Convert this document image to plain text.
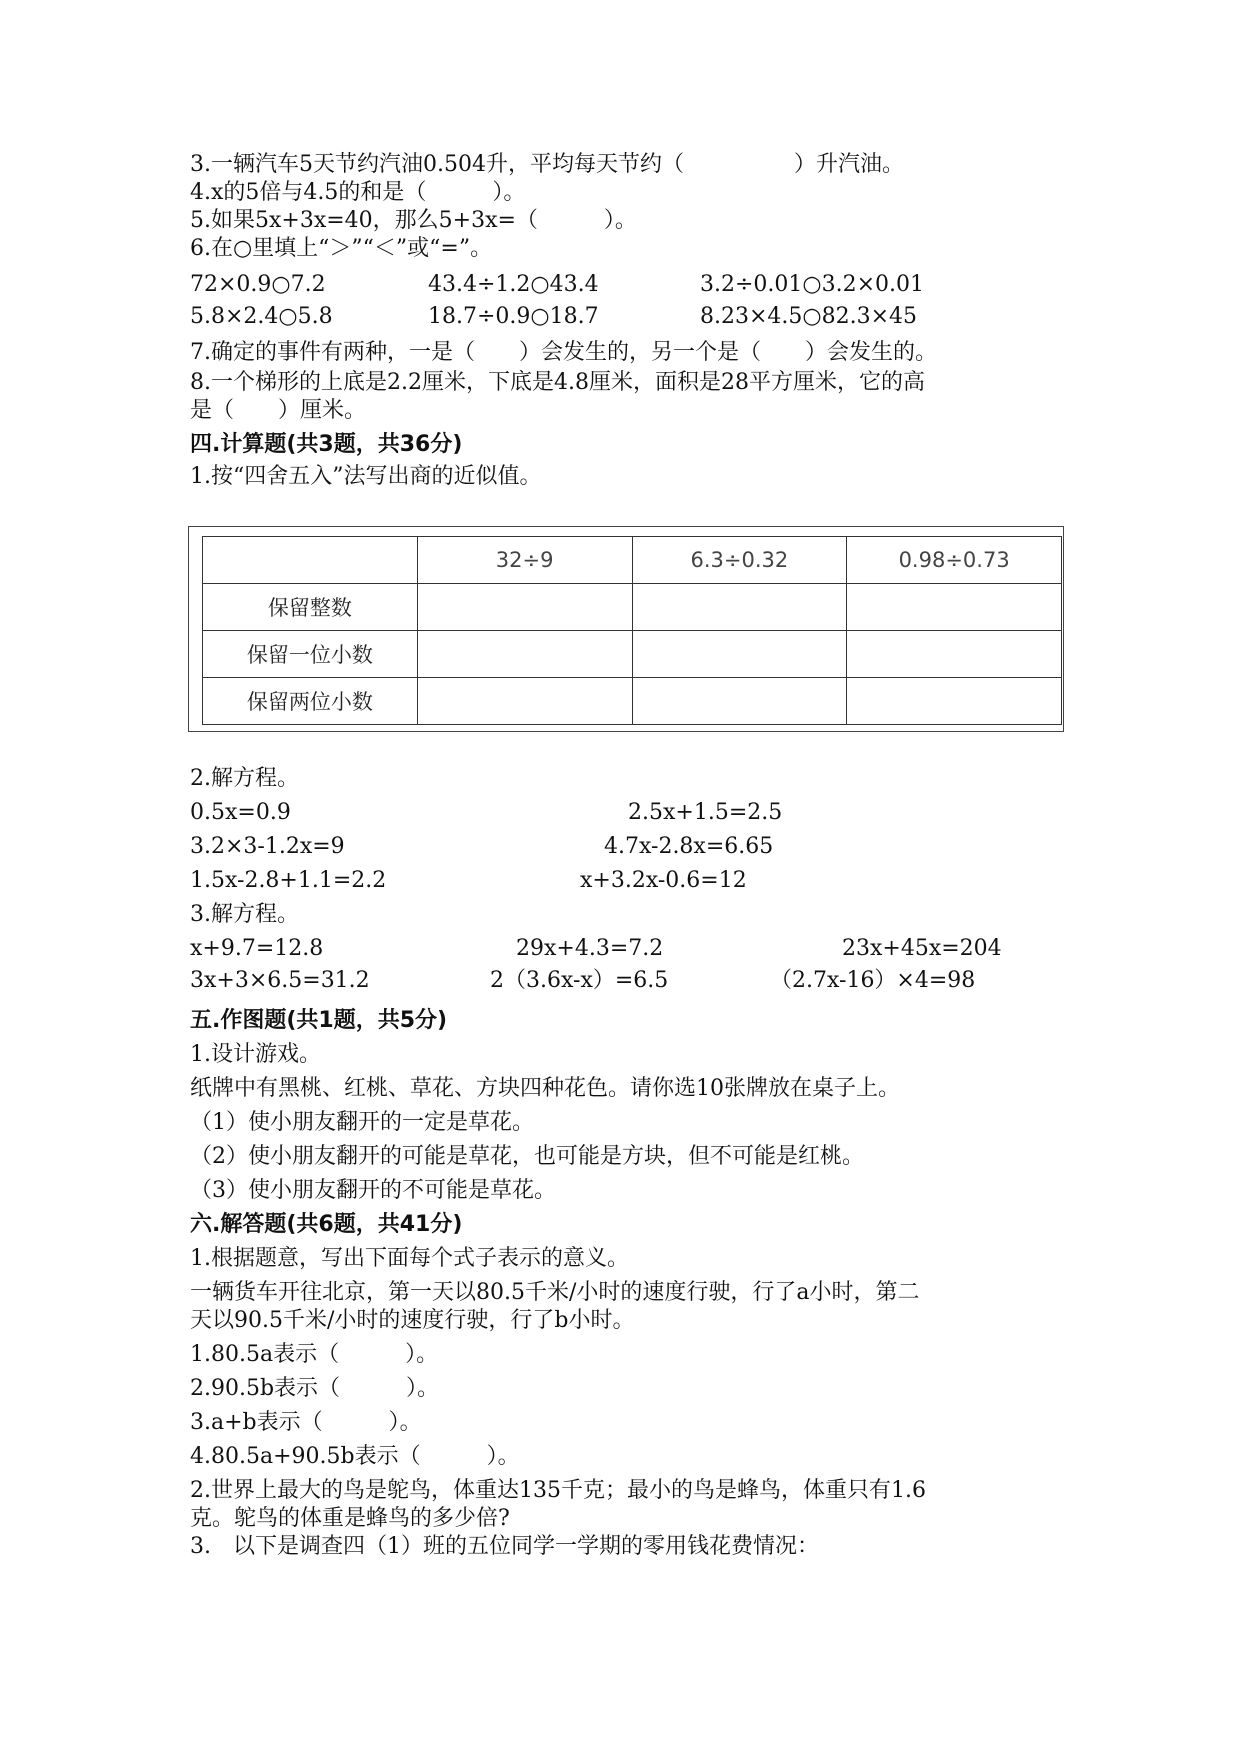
3.一辆汽车5天节约汽油0.504升，平均每天节约（　　　　　）升汽油。
4.x的5倍与4.5的和是（　　　）。
5.如果5x+3x=40，那么5+3x=（　　　）。
6.在○里填上“＞”“＜”或“=”。
72×0.9○7.2	43.4÷1.2○43.4	3.2÷0.01○3.2×0.01
5.8×2.4○5.8	18.7÷0.9○18.7	8.23×4.5○82.3×45
7.确定的事件有两种，一是（　　）会发生的，另一个是（　　）会发生的。
8.一个梯形的上底是2.2厘米，下底是4.8厘米，面积是28平方厘米，它的高
是（　　）厘米。
四.计算题(共3题，共36分)
1.按“四舍五入”法写出商的近似值。
	32÷9	6.3÷0.32	0.98÷0.73
保留整数			
保留一位小数			
保留两位小数			
2.解方程。
0.5x=0.9	2.5x+1.5=2.5
3.2×3-1.2x=9	4.7x-2.8x=6.65
1.5x-2.8+1.1=2.2	x+3.2x-0.6=12
3.解方程。
x+9.7=12.8	29x+4.3=7.2	23x+45x=204
3x+3×6.5=31.2	2（3.6x-x）=6.5	（2.7x-16）×4=98
五.作图题(共1题，共5分)
1.设计游戏。
纸牌中有黑桃、红桃、草花、方块四种花色。请你选10张牌放在桌子上。
（1）使小朋友翻开的一定是草花。
（2）使小朋友翻开的可能是草花，也可能是方块，但不可能是红桃。
（3）使小朋友翻开的不可能是草花。
六.解答题(共6题，共41分)
1.根据题意，写出下面每个式子表示的意义。
一辆货车开往北京，第一天以80.5千米/小时的速度行驶，行了a小时，第二
天以90.5千米/小时的速度行驶，行了b小时。
1.80.5a表示（　　　）。
2.90.5b表示（　　　）。
3.a+b表示（　　　）。
4.80.5a+90.5b表示（　　　）。
2.世界上最大的鸟是鸵鸟，体重达135千克；最小的鸟是蜂鸟，体重只有1.6
克。鸵鸟的体重是蜂鸟的多少倍?
3.　以下是调查四（1）班的五位同学一学期的零用钱花费情况：
